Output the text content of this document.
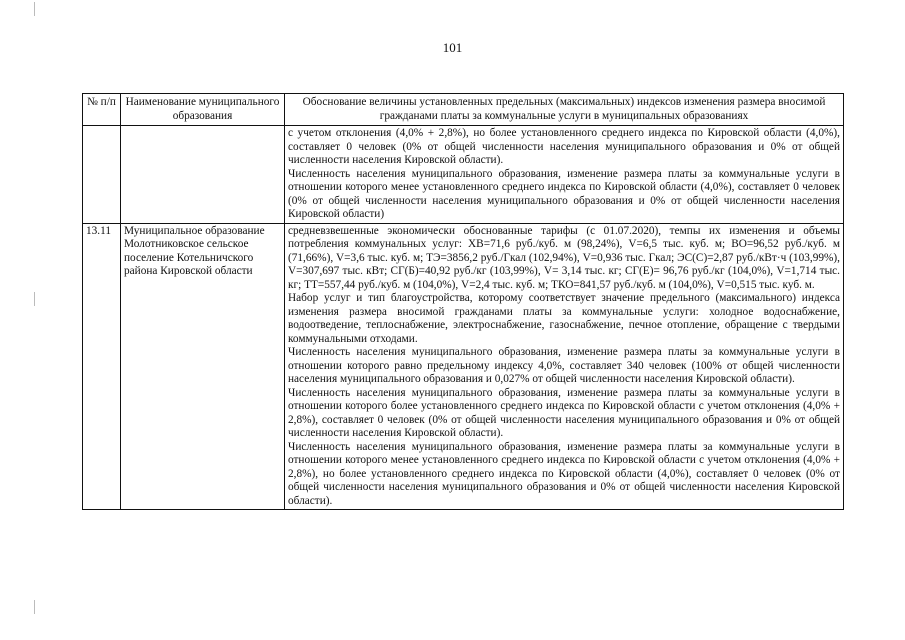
101
№ п/п	Наименование муниципального образования	Обоснование величины установленных предельных (максимальных) индексов изменения размера вносимой гражданами платы за коммунальные услуги в муниципальных образованиях

		с учетом отклонения (4,0% + 2,8%), но более установленного среднего индекса по Кировской области (4,0%), составляет 0 человек (0% от общей численности населения муниципального образования и 0% от общей численности населения Кировской области).

Численность населения муниципального образования, изменение размера платы за коммунальные услуги в отношении которого менее установленного среднего индекса по Кировской области (4,0%), составляет 0 человек (0% от общей численности населения муниципального образования и 0% от общей численности населения Кировской области)

13.11	Муниципальное образование Молотниковское сельское поселение Котельничского района Кировской области	средневзвешенные экономически обоснованные тарифы (с 01.07.2020), темпы их изменения и объемы потребления коммунальных услуг: ХВ=71,6 руб./куб. м (98,24%), V=6,5 тыс. куб. м; ВО=96,52 руб./куб. м (71,66%), V=3,6 тыс. куб. м; ТЭ=3856,2 руб./Гкал (102,94%), V=0,936 тыс. Гкал; ЭС(С)=2,87 руб./кВт·ч (103,99%), V=307,697 тыс. кВт; СГ(Б)=40,92 руб./кг (103,99%), V= 3,14 тыс. кг; СГ(Е)= 96,76 руб./кг (104,0%), V=1,714 тыс. кг; ТТ=557,44 руб./куб. м (104,0%), V=2,4 тыс. куб. м; ТКО=841,57 руб./куб. м (104,0%), V=0,515 тыс. куб. м.

Набор услуг и тип благоустройства, которому соответствует значение предельного (максимального) индекса изменения размера вносимой гражданами платы за коммунальные услуги: холодное водоснабжение, водоотведение, теплоснабжение, электроснабжение, газоснабжение, печное отопление, обращение с твердыми коммунальными отходами.

Численность населения муниципального образования, изменение размера платы за коммунальные услуги в отношении которого равно предельному индексу 4,0%, составляет 340 человек (100% от общей численности населения муниципального образования и 0,027% от общей численности населения Кировской области).

Численность населения муниципального образования, изменение размера платы за коммунальные услуги в отношении которого более установленного среднего индекса по Кировской области с учетом отклонения (4,0% + 2,8%), составляет 0 человек (0% от общей численности населения муниципального образования и 0% от общей численности населения Кировской области).

Численность населения муниципального образования, изменение размера платы за коммунальные услуги в отношении которого менее установленного среднего индекса по Кировской области с учетом отклонения (4,0% + 2,8%), но более установленного среднего индекса по Кировской области (4,0%), составляет 0 человек (0% от общей численности населения муниципального образования и 0% от общей численности населения Кировской области).
